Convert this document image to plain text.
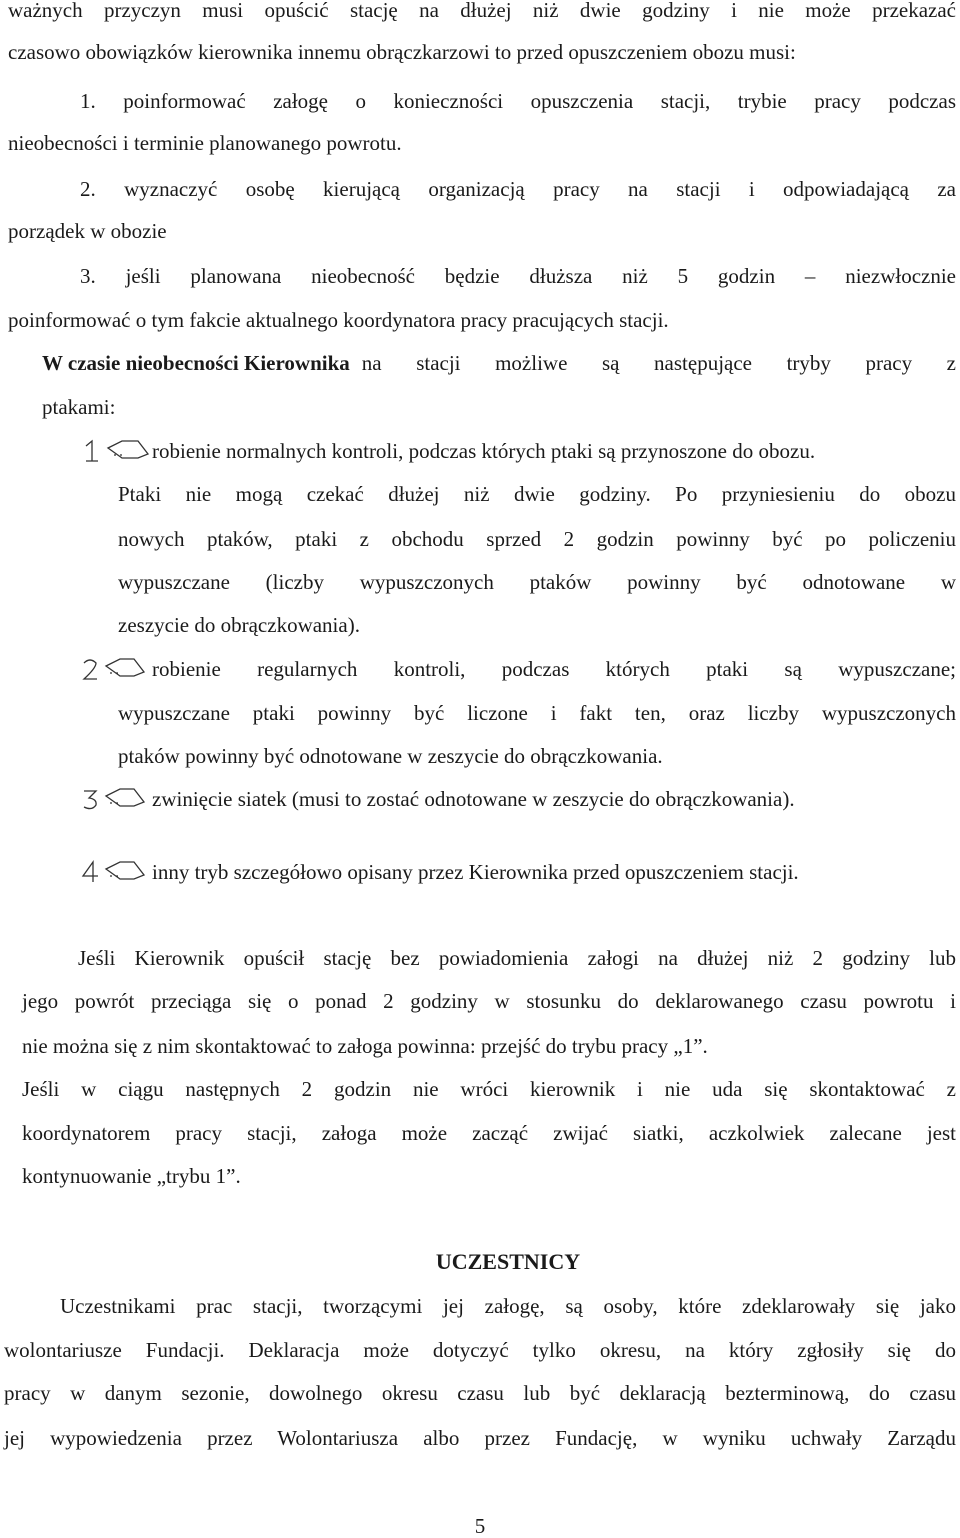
ważnych przyczyn musi opuścić stację na dłużej niż dwie godziny i nie może przekazać
czasowo obowiązków kierownika innemu obrączkarzowi to przed opuszczeniem obozu musi:
1. poinformować załogę o konieczności opuszczenia stacji, trybie pracy podczas
nieobecności i terminie planowanego powrotu.
2. wyznaczyć osobę kierującą organizacją pracy na stacji i odpowiadającą za
porządek w obozie
3. jeśli planowana nieobecność będzie dłuższa niż 5 godzin – niezwłocznie
poinformować o tym fakcie aktualnego koordynatora pracy pracujących stacji.
W czasie nieobecności Kierownika na stacji możliwe są następujące tryby pracy z
ptakami:
robienie normalnych kontroli, podczas których ptaki są przynoszone do obozu.
Ptaki nie mogą czekać dłużej niż dwie godziny. Po przyniesieniu do obozu
nowych ptaków, ptaki z obchodu sprzed 2 godzin powinny być po policzeniu
wypuszczane (liczby wypuszczonych ptaków powinny być odnotowane w
zeszycie do obrączkowania).
robienie regularnych kontroli, podczas których ptaki są wypuszczane;
wypuszczane ptaki powinny być liczone i fakt ten, oraz liczby wypuszczonych
ptaków powinny być odnotowane w zeszycie do obrączkowania.
zwinięcie siatek (musi to zostać odnotowane w zeszycie do obrączkowania).
inny tryb szczegółowo opisany przez Kierownika przed opuszczeniem stacji.
Jeśli Kierownik opuścił stację bez powiadomienia załogi na dłużej niż 2 godziny lub
jego powrót przeciąga się o ponad 2 godziny w stosunku do deklarowanego czasu powrotu i
nie można się z nim skontaktować to załoga powinna: przejść do trybu pracy „1”.
Jeśli w ciągu następnych 2 godzin nie wróci kierownik i nie uda się skontaktować z
koordynatorem pracy stacji, załoga może zacząć zwijać siatki, aczkolwiek zalecane jest
kontynuowanie „trybu 1”.
UCZESTNICY
Uczestnikami prac stacji, tworzącymi jej załogę, są osoby, które zdeklarowały się jako
wolontariusze Fundacji. Deklaracja może dotyczyć tylko okresu, na który zgłosiły się do
pracy w danym sezonie, dowolnego okresu czasu lub być deklaracją bezterminową, do czasu
jej wypowiedzenia przez Wolontariusza albo przez Fundację, w wyniku uchwały Zarządu
5
